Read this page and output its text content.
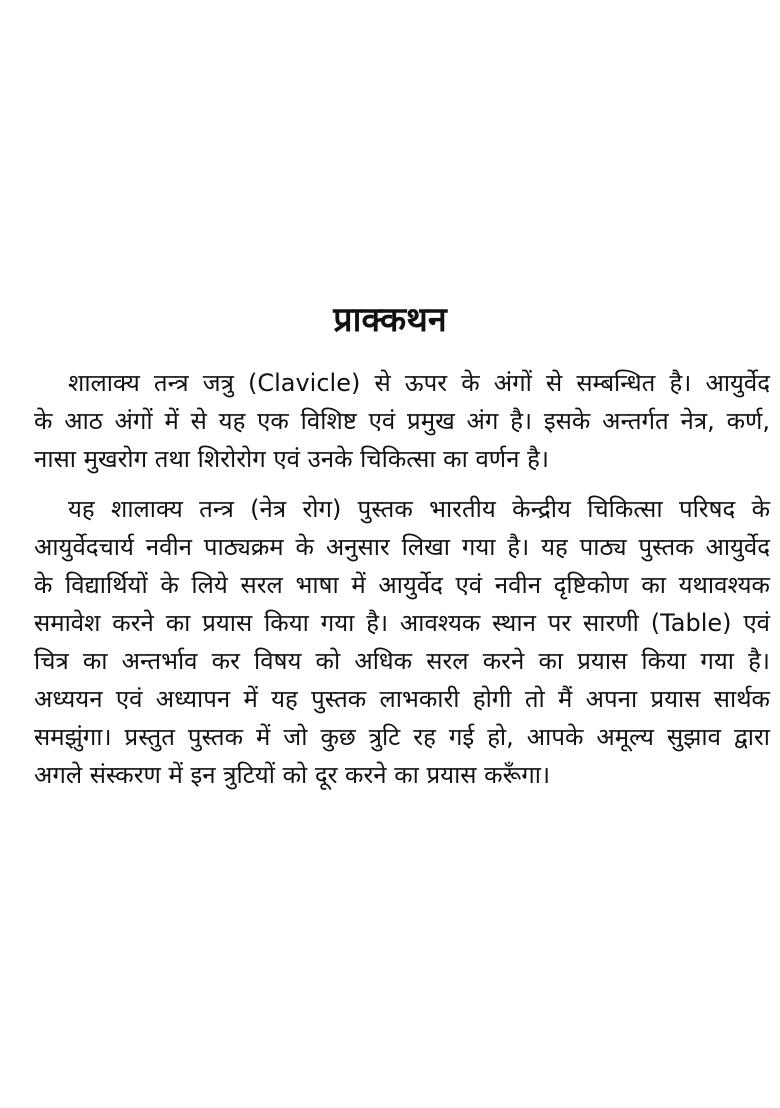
प्राक्कथन
शालाक्य तन्त्र जत्रु (Clavicle) से ऊपर के अंगों से सम्बन्धित है। आयुर्वेद
के आठ अंगों में से यह एक विशिष्ट एवं प्रमुख अंग है। इसके अन्तर्गत नेत्र, कर्ण,
नासा मुखरोग तथा शिरोरोग एवं उनके चिकित्सा का वर्णन है।
यह शालाक्य तन्त्र (नेत्र रोग) पुस्तक भारतीय केन्द्रीय चिकित्सा परिषद के
आयुर्वेदचार्य नवीन पाठ्यक्रम के अनुसार लिखा गया है। यह पाठ्य पुस्तक आयुर्वेद
के विद्यार्थियों के लिये सरल भाषा में आयुर्वेद एवं नवीन दृष्टिकोण का यथावश्यक
समावेश करने का प्रयास किया गया है। आवश्यक स्थान पर सारणी (Table) एवं
चित्र का अन्तर्भाव कर विषय को अधिक सरल करने का प्रयास किया गया है।
अध्ययन एवं अध्यापन में यह पुस्तक लाभकारी होगी तो मैं अपना प्रयास सार्थक
समझुंगा। प्रस्तुत पुस्तक में जो कुछ त्रुटि रह गई हो, आपके अमूल्य सुझाव द्वारा
अगले संस्करण में इन त्रुटियों को दूर करने का प्रयास करूँगा।
